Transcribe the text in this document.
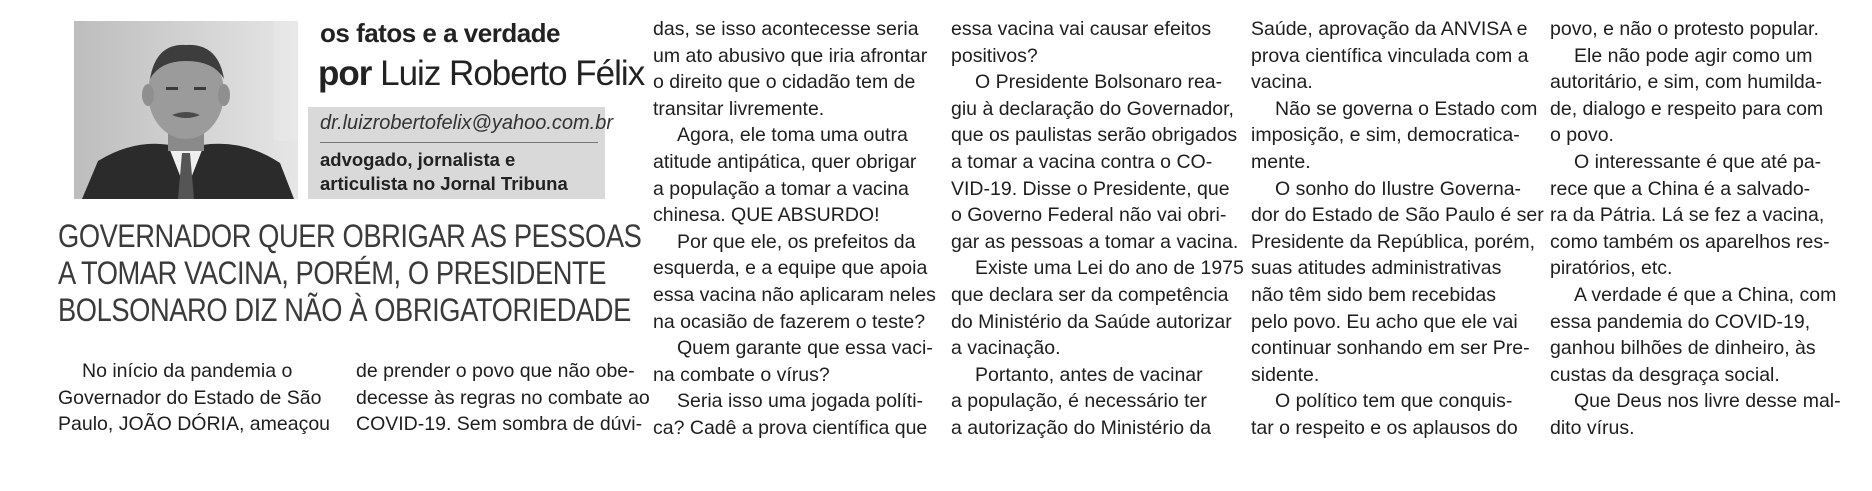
os fatos e a verdade
por Luiz Roberto Félix
dr.luizrobertofelix@yahoo.com.br
advogado, jornalista e
articulista no Jornal Tribuna
GOVERNADOR QUER OBRIGAR AS PESSOAS
A TOMAR VACINA, PORÉM, O PRESIDENTE
BOLSONARO DIZ NÃO À OBRIGATORIEDADE
No início da pandemia o
Governador do Estado de São
Paulo, JOÃO DÓRIA, ameaçou
de prender o povo que não obe-
decesse às regras no combate ao
COVID-19. Sem sombra de dúvi-
das, se isso acontecesse seria
um ato abusivo que iria afrontar
o direito que o cidadão tem de
transitar livremente.
Agora, ele toma uma outra
atitude antipática, quer obrigar
a população a tomar a vacina
chinesa. QUE ABSURDO!
Por que ele, os prefeitos da
esquerda, e a equipe que apoia
essa vacina não aplicaram neles
na ocasião de fazerem o teste?
Quem garante que essa vaci-
na combate o vírus?
Seria isso uma jogada políti-
ca? Cadê a prova científica que
essa vacina vai causar efeitos
positivos?
O Presidente Bolsonaro rea-
giu à declaração do Governador,
que os paulistas serão obrigados
a tomar a vacina contra o CO-
VID-19. Disse o Presidente, que
o Governo Federal não vai obri-
gar as pessoas a tomar a vacina.
Existe uma Lei do ano de 1975
que declara ser da competência
do Ministério da Saúde autorizar
a vacinação.
Portanto, antes de vacinar
a população, é necessário ter
a autorização do Ministério da
Saúde, aprovação da ANVISA e
prova científica vinculada com a
vacina.
Não se governa o Estado com
imposição, e sim, democratica-
mente.
O sonho do Ilustre Governa-
dor do Estado de São Paulo é ser
Presidente da República, porém,
suas atitudes administrativas
não têm sido bem recebidas
pelo povo. Eu acho que ele vai
continuar sonhando em ser Pre-
sidente.
O político tem que conquis-
tar o respeito e os aplausos do
povo, e não o protesto popular.
Ele não pode agir como um
autoritário, e sim, com humilda-
de, dialogo e respeito para com
o povo.
O interessante é que até pa-
rece que a China é a salvado-
ra da Pátria. Lá se fez a vacina,
como também os aparelhos res-
piratórios, etc.
A verdade é que a China, com
essa pandemia do COVID-19,
ganhou bilhões de dinheiro, às
custas da desgraça social.
Que Deus nos livre desse mal-
dito vírus.
